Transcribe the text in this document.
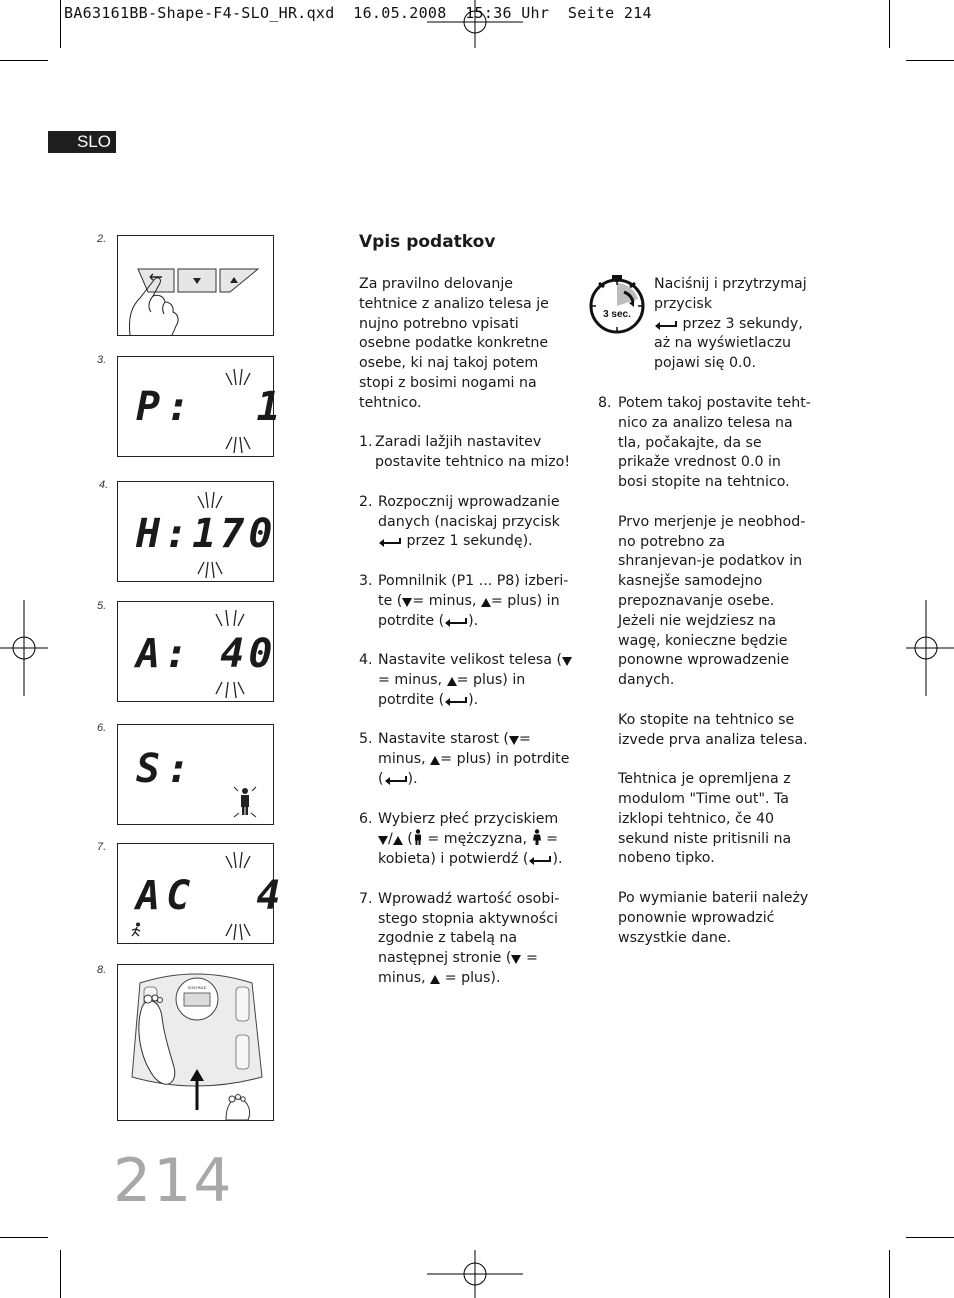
BA63161BB-Shape-F4-SLO_HR.qxd  16.05.2008  15:36 Uhr  Seite 214
SLO
2.
3.
4.
5.
6.
7.
8.
P:  1
H:170
A: 40
S:
AC  4
SOEHNLE
Vpis podatkov

Za pravilno delovanje tehtnice z analizo telesa je nujno potrebno vpisati osebne podatke konkretne osebe, ki naj takoj potem stopi z bosimi nogami na tehtnico.

1. Zaradi lažjih nastavitev postavite tehtnico na mizo!
2. Rozpocznij wprowadzanie danych (naciskaj przycisk
przez 1 sekundę).
3. Pomnilnik (P1 ... P8) izberi-te ( = minus, = plus) in potrdite ( ).
4. Nastavite velikost telesa (= minus, = plus) in potrdite ( ).
5. Nastavite starost ( = minus, = plus) in potrdite ( ).
6. Wybierz płeć przyciskiem
/ ( = mężczyzna, = kobieta) i potwierdź ( ).
7. Wprowadź wartość osobi-stego stopnia aktywności zgodnie z tabelą na następnej stronie ( = minus, = plus).
3 sec.
Naciśnij i przytrzymaj przycisk
przez 3 sekundy, aż na wyświetlaczu pojawi się 0.0.
8. Potem takoj postavite teht-nico za analizo telesa na tla, počakajte, da se prikaže vrednost 0.0 in bosi stopite na tehtnico.

Prvo merjenje je neobhod-no potrebno za shranjevan-je podatkov in kasnejše samodejno prepoznavanje osebe. Jeżeli nie wejdziesz na wagę, konieczne będzie ponowne wprowadzenie danych.

Ko stopite na tehtnico se izvede prva analiza telesa.

Tehtnica je opremljena z modulom "Time out". Ta izklopi tehtnico, če 40 sekund niste pritisnili na nobeno tipko.

Po wymianie baterii należy ponownie wprowadzić wszystkie dane.

214
